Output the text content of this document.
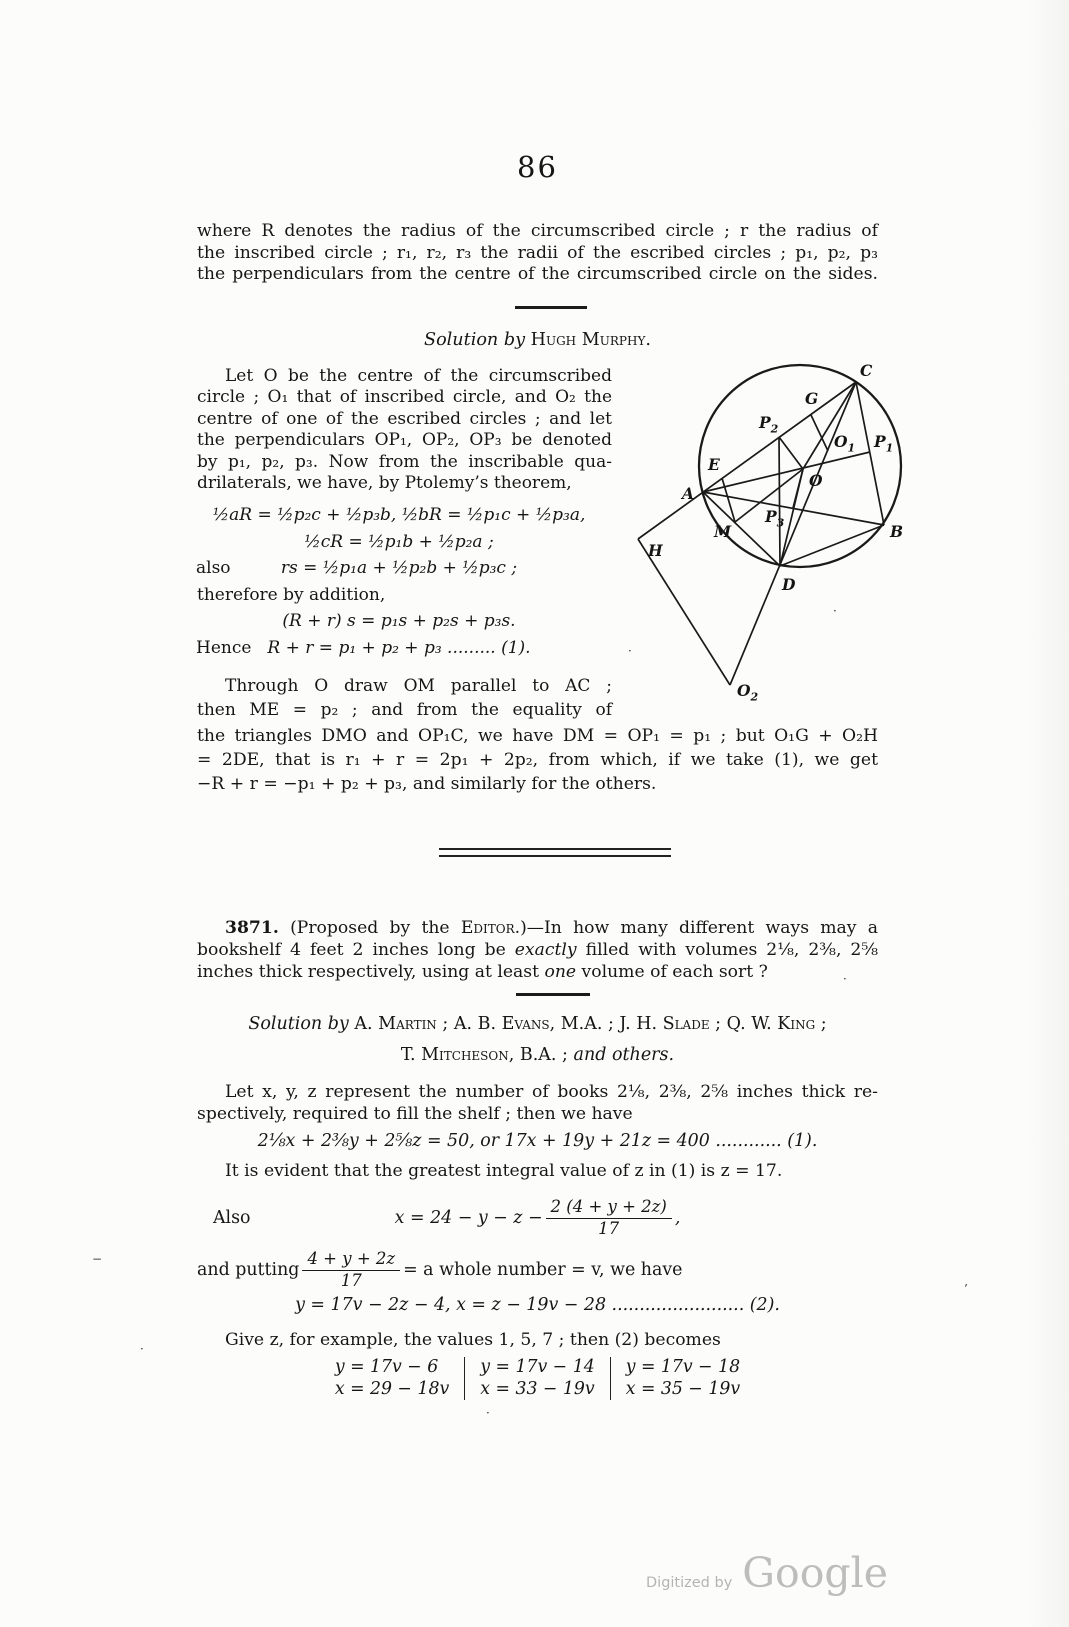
86
where R denotes the radius of the circumscribed circle ; r the radius of
the inscribed circle ; r₁, r₂, r₃ the radii of the escribed circles ; p₁, p₂, p₃
the perpendiculars from the centre of the circumscribed circle on the sides.
Solution by Hugh Murphy.
Let O be the centre of the circumscribed
circle ; O₁ that of inscribed circle, and O₂ the
centre of one of the escribed circles ; and let
the perpendiculars OP₁, OP₂, OP₃ be denoted
by p₁, p₂, p₃. Now from the inscribable qua-
drilaterals, we have, by Ptolemy’s theorem,
½aR = ½p₂c + ½p₃b, ½bR = ½p₁c + ½p₃a,
½cR = ½p₁b + ½p₂a ;
also	rs = ½p₁a + ½p₂b + ½p₃c ;
therefore by addition,
(R + r) s = p₁s + p₂s + p₃s.
Hence R + r = p₁ + p₂ + p₃ ......... (1).
Through O draw OM parallel to AC ;
then ME = p₂ ; and from the equality of
the triangles DMO and OP₁C, we have DM = OP₁ = p₁ ; but O₁G + O₂H
= 2DE, that is r₁ + r = 2p₁ + 2p₂, from which, if we take (1), we get
−R + r = −p₁ + p₂ + p₃, and similarly for the others.
A
B
C
D
E
G
H
M
O
$O_1$
$O_2$
$P_1$
$P_2$
$P_3$
3871. (Proposed by the Editor.)—In how many different ways may a
bookshelf 4 feet 2 inches long be exactly filled with volumes 2⅛, 2⅜, 2⅝
inches thick respectively, using at least one volume of each sort ?
Solution by A. Martin ; A. B. Evans, M.A. ; J. H. Slade ; Q. W. King ;
T. Mitcheson, B.A. ; and others.
Let x, y, z represent the number of books 2⅛, 2⅜, 2⅝ inches thick re-
spectively, required to fill the shelf ; then we have
2⅛x + 2⅜y + 2⅝z = 50, or 17x + 19y + 21z = 400 ............ (1).
It is evident that the greatest integral value of z in (1) is z = 17.
Also	$x = 24 - y - z - \frac{2 (4 + y + 2z)}{17}$ ,
and putting $\frac{4 + y + 2z}{17} = a$ whole number = v, we have
y = 17v − 2z − 4, x = z − 19v − 28 ........................ (2).
Give z, for example, the values 1, 5, 7 ; then (2) becomes
y = 17v − 6
x = 29 − 18v
y = 17v − 14
x = 33 − 19v
y = 17v − 18
x = 35 − 19v
Digitized by Google
−
’
·
·
·
·
·
